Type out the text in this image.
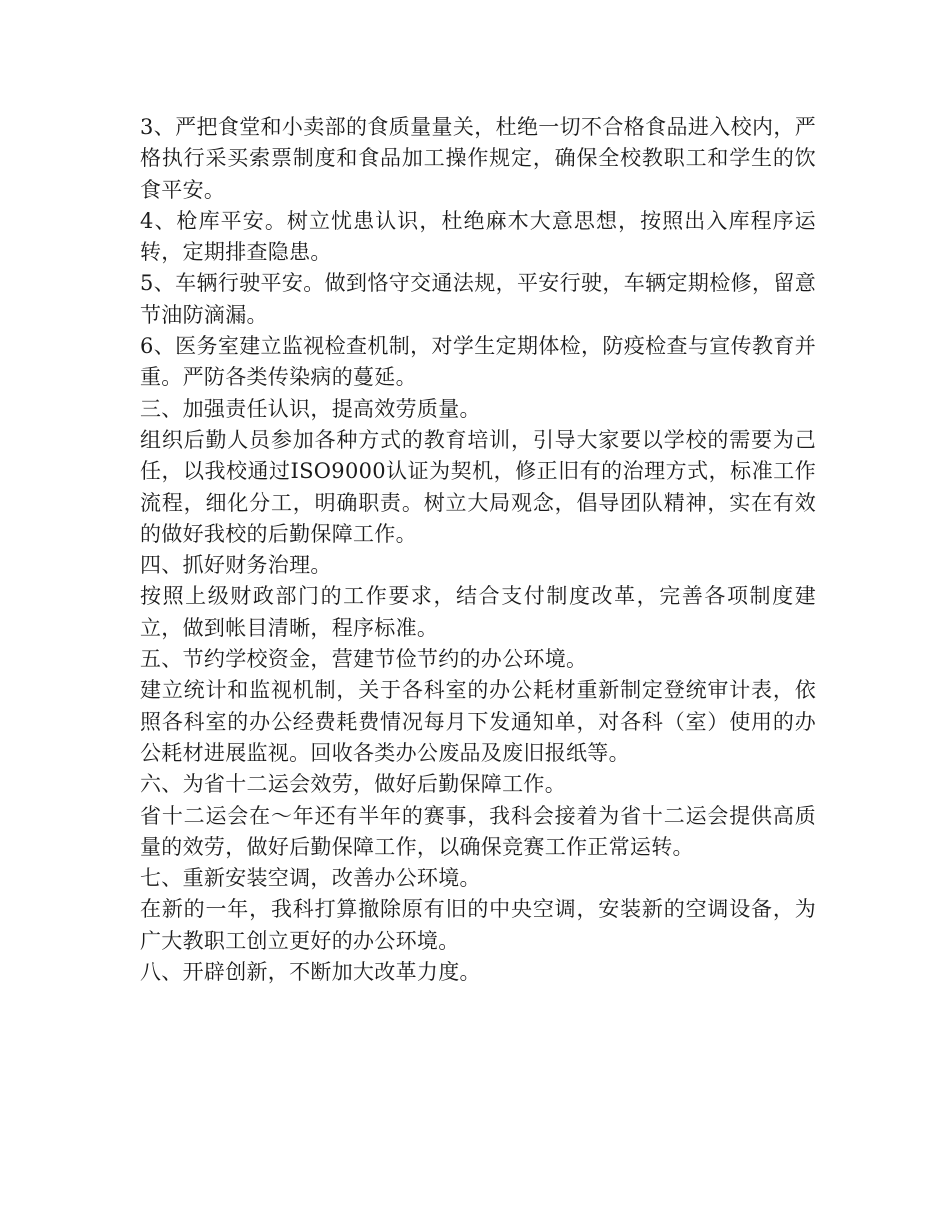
3、严把食堂和小卖部的食质量量关，杜绝一切不合格食品进入校内，严格执行采买索票制度和食品加工操作规定，确保全校教职工和学生的饮食平安。

4、枪库平安。树立忧患认识，杜绝麻木大意思想，按照出入库程序运转，定期排查隐患。

5、车辆行驶平安。做到恪守交通法规，平安行驶，车辆定期检修，留意节油防滴漏。

6、医务室建立监视检查机制，对学生定期体检，防疫检查与宣传教育并重。严防各类传染病的蔓延。

三、加强责任认识，提高效劳质量。

组织后勤人员参加各种方式的教育培训，引导大家要以学校的需要为己任，以我校通过ISO9000认证为契机，修正旧有的治理方式，标准工作流程，细化分工，明确职责。树立大局观念，倡导团队精神，实在有效的做好我校的后勤保障工作。

四、抓好财务治理。

按照上级财政部门的工作要求，结合支付制度改革，完善各项制度建立，做到帐目清晰，程序标准。

五、节约学校资金，营建节俭节约的办公环境。

建立统计和监视机制，关于各科室的办公耗材重新制定登统审计表，依照各科室的办公经费耗费情况每月下发通知单，对各科（室）使用的办公耗材进展监视。回收各类办公废品及废旧报纸等。

六、为省十二运会效劳，做好后勤保障工作。

省十二运会在～年还有半年的赛事，我科会接着为省十二运会提供高质量的效劳，做好后勤保障工作，以确保竞赛工作正常运转。

七、重新安装空调，改善办公环境。

在新的一年，我科打算撤除原有旧的中央空调，安装新的空调设备，为广大教职工创立更好的办公环境。

八、开辟创新，不断加大改革力度。
